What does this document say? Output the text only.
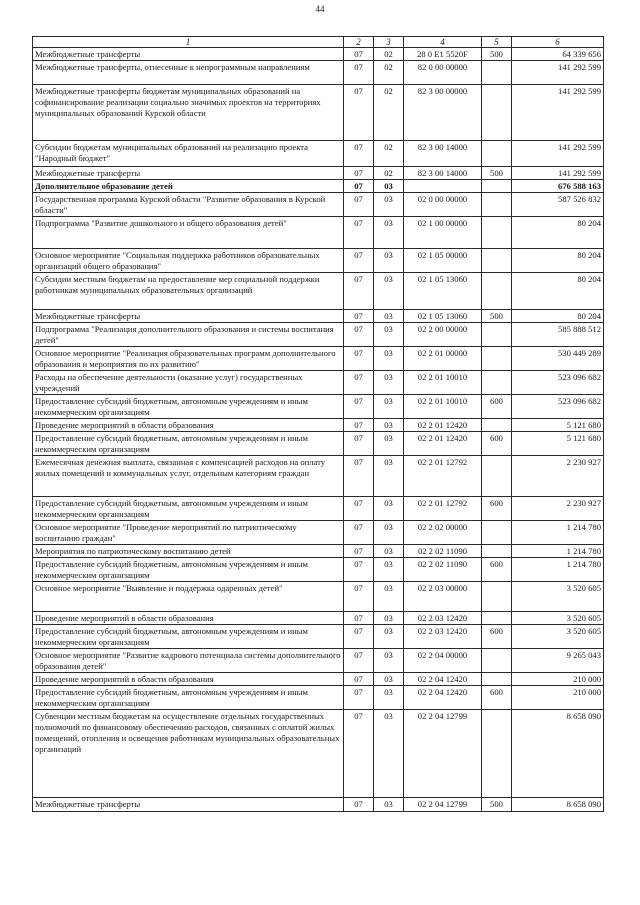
44
1	2	3	4	5	6
Межбюджетные трансферты	07	02	28 0 E1 5520F	500	64 339 656
Межбюджетные трансферты, отнесенные к непрограммным направлениям	07	02	82 0 00 00000		141 292 599
Межбюджетные трансферты бюджетам муниципальных образований на софинансирование реализации социально значимых проектов на территориях муниципальных образований Курской области	07	02	82 3 00 00000		141 292 599
Субсидии бюджетам муниципальных образований на реализацию проекта "Народный бюджет"	07	02	82 3 00 14000		141 292 599
Межбюджетные трансферты	07	02	82 3 00 14000	500	141 292 599
Дополнительное образование детей	07	03			676 588 163
Государственная программа Курской области "Развитие образования в Курской области"	07	03	02 0 00 00000		587 526 832
Подпрограмма "Развитие дошкольного и общего образования детей"	07	03	02 1 00 00000		80 204
Основное мероприятие "Социальная поддержка работников образовательных организаций общего образования"	07	03	02 1 05 00000		80 204
Субсидии местным бюджетам на предоставление мер социальной поддержки работникам муниципальных образовательных организаций	07	03	02 1 05 13060		80 204
Межбюджетные трансферты	07	03	02 1 05 13060	500	80 204
Подпрограмма "Реализация дополнительного образования и системы воспитания детей"	07	03	02 2 00 00000		585 888 512
Основное мероприятие "Реализация образовательных программ дополнительного образования и мероприятия по их развитию"	07	03	02 2 01 00000		530 449 289
Расходы на обеспечение деятельности (оказание услуг) государственных учреждений	07	03	02 2 01 10010		523 096 682
Предоставление субсидий бюджетным, автономным учреждениям и иным некоммерческим организациям	07	03	02 2 01 10010	600	523 096 682
Проведение мероприятий в области образования	07	03	02 2 01 12420		5 121 680
Предоставление субсидий бюджетным, автономным учреждениям и иным некоммерческим организациям	07	03	02 2 01 12420	600	5 121 680
Ежемесячная денежная выплата, связанная с компенсацией расходов на оплату жилых помещений и коммунальных услуг, отдельным категориям граждан	07	03	02 2 01 12792		2 230 927
Предоставление субсидий бюджетным, автономным учреждениям и иным некоммерческим организациям	07	03	02 2 01 12792	600	2 230 927
Основное мероприятие "Проведение мероприятий по патриотическому воспитанию граждан"	07	03	02 2 02 00000		1 214 780
Мероприятия по патриотическому воспитанию детей	07	03	02 2 02 11090		1 214 780
Предоставление субсидий бюджетным, автономным учреждениям и иным некоммерческим организациям	07	03	02 2 02 11090	600	1 214 780
Основное мероприятие "Выявление и поддержка одаренных детей"	07	03	02 2 03 00000		3 520 605
Проведение мероприятий в области образования	07	03	02 2 03 12420		3 520 605
Предоставление субсидий бюджетным, автономным учреждениям и иным некоммерческим организациям	07	03	02 2 03 12420	600	3 520 605
Основное мероприятие "Развитие кадрового потенциала системы дополнительного образования детей"	07	03	02 2 04 00000		9 265 043
Проведение мероприятий в области образования	07	03	02 2 04 12420		210 000
Предоставление субсидий бюджетным, автономным учреждениям и иным некоммерческим организациям	07	03	02 2 04 12420	600	210 000
Субвенции местным бюджетам на осуществление отдельных государственных полномочий по финансовому обеспечению расходов, связанных с оплатой жилых помещений, отопления и освещения работникам муниципальных образовательных организаций	07	03	02 2 04 12799		8 658 090
Межбюджетные трансферты	07	03	02 2 04 12799	500	8 658 090
